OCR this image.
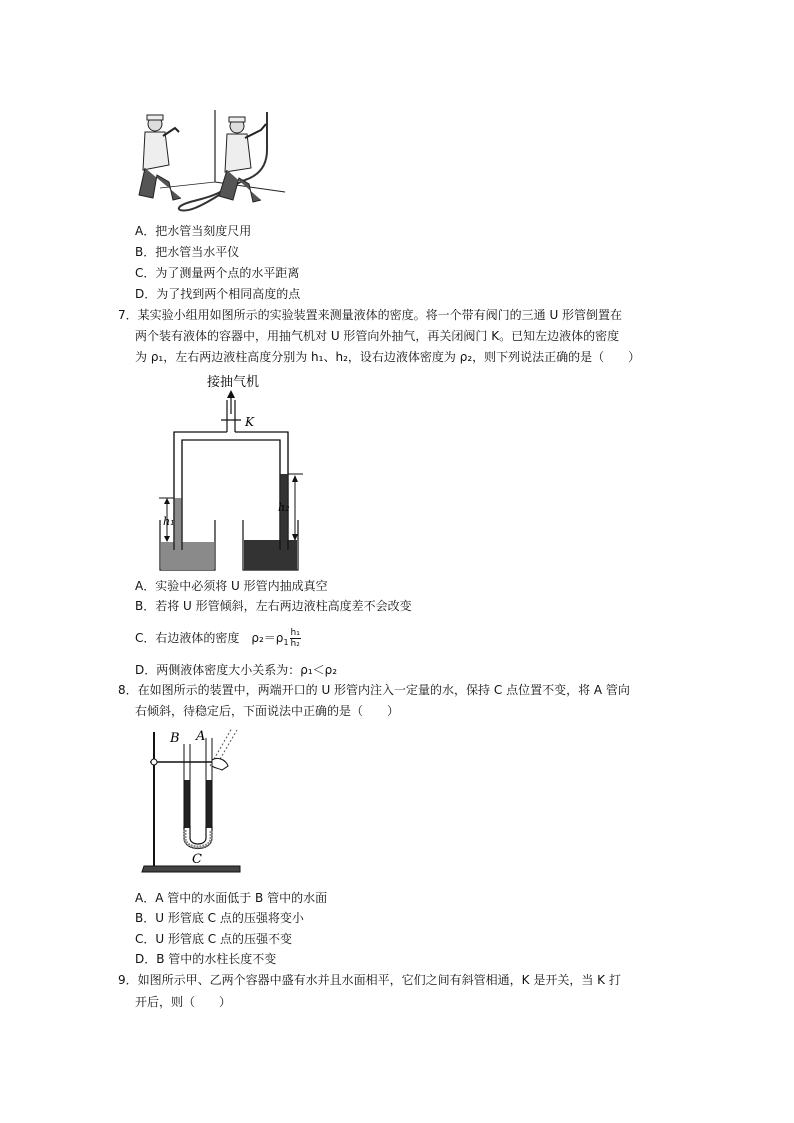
A．把水管当刻度尺用
B．把水管当水平仪
C．为了测量两个点的水平距离
D．为了找到两个相同高度的点
7．某实验小组用如图所示的实验装置来测量液体的密度。将一个带有阀门的三通 U 形管倒置在
两个装有液体的容器中，用抽气机对 U 形管向外抽气，再关闭阀门 K。已知左边液体的密度
为 ρ₁，左右两边液柱高度分别为 h₁、h₂，设右边液体密度为 ρ₂，则下列说法正确的是（　　）
接抽气机
K
h₁
h₂
A．实验中必须将 U 形管内抽成真空
B．若将 U 形管倾斜，左右两边液柱高度差不会改变
C．右边液体的密度　$\rho_2=\rho_1 \frac{\text{h₁}}{\text{h₂}}$
D．两侧液体密度大小关系为：ρ₁＜ρ₂
8．在如图所示的装置中，两端开口的 U 形管内注入一定量的水，保持 C 点位置不变，将 A 管向
右倾斜，待稳定后，下面说法中正确的是（　　）
B A
C
A．A 管中的水面低于 B 管中的水面
B．U 形管底 C 点的压强将变小
C．U 形管底 C 点的压强不变
D．B 管中的水柱长度不变
9．如图所示甲、乙两个容器中盛有水并且水面相平，它们之间有斜管相通，K 是开关，当 K 打
开后，则（　　）
